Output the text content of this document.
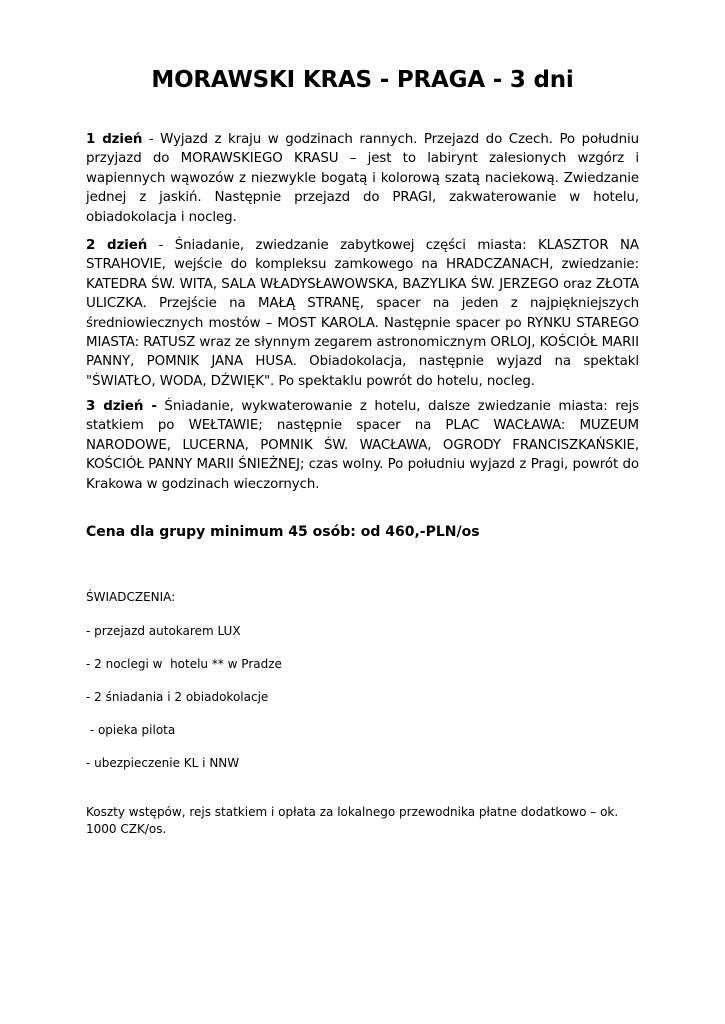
MORAWSKI KRAS - PRAGA - 3 dni

1 dzień - Wyjazd z kraju w godzinach rannych. Przejazd do Czech. Po południu przyjazd do MORAWSKIEGO KRASU – jest to labirynt zalesionych wzgórz i wapiennych wąwozów z niezwykle bogatą i kolorową szatą naciekową. Zwiedzanie jednej z jaskiń. Następnie przejazd do PRAGI, zakwaterowanie w hotelu, obiadokolacja i nocleg.

2 dzień - Śniadanie, zwiedzanie zabytkowej części miasta: KLASZTOR NA STRAHOVIE, wejście do kompleksu zamkowego na HRADCZANACH, zwiedzanie: KATEDRA ŚW. WITA, SALA WŁADYSŁAWOWSKA, BAZYLIKA ŚW. JERZEGO oraz ZŁOTA ULICZKA. Przejście na MAŁĄ STRANĘ, spacer na jeden z najpiękniejszych średniowiecznych mostów – MOST KAROLA. Następnie spacer po RYNKU STAREGO MIASTA: RATUSZ wraz ze słynnym zegarem astronomicznym ORLOJ, KOŚCIÓŁ MARII PANNY, POMNIK JANA HUSA. Obiadokolacja, następnie wyjazd na spektakl "ŚWIATŁO, WODA, DŹWIĘK". Po spektaklu powrót do hotelu, nocleg.

3 dzień - Śniadanie, wykwaterowanie z hotelu, dalsze zwiedzanie miasta: rejs statkiem po WEŁTAWIE; następnie spacer na PLAC WACŁAWA: MUZEUM NARODOWE, LUCERNA, POMNIK ŚW. WACŁAWA, OGRODY FRANCISZKAŃSKIE, KOŚCIÓŁ PANNY MARII ŚNIEŻNEJ; czas wolny. Po południu wyjazd z Pragi, powrót do Krakowa w godzinach wieczornych.

Cena dla grupy minimum 45 osób: od 460,-PLN/os

ŚWIADCZENIA:

- przejazd autokarem LUX

- 2 noclegi w  hotelu ** w Pradze

- 2 śniadania i 2 obiadokolacje

- opieka pilota

- ubezpieczenie KL i NNW

Koszty wstępów, rejs statkiem i opłata za lokalnego przewodnika płatne dodatkowo – ok. 1000 CZK/os.
